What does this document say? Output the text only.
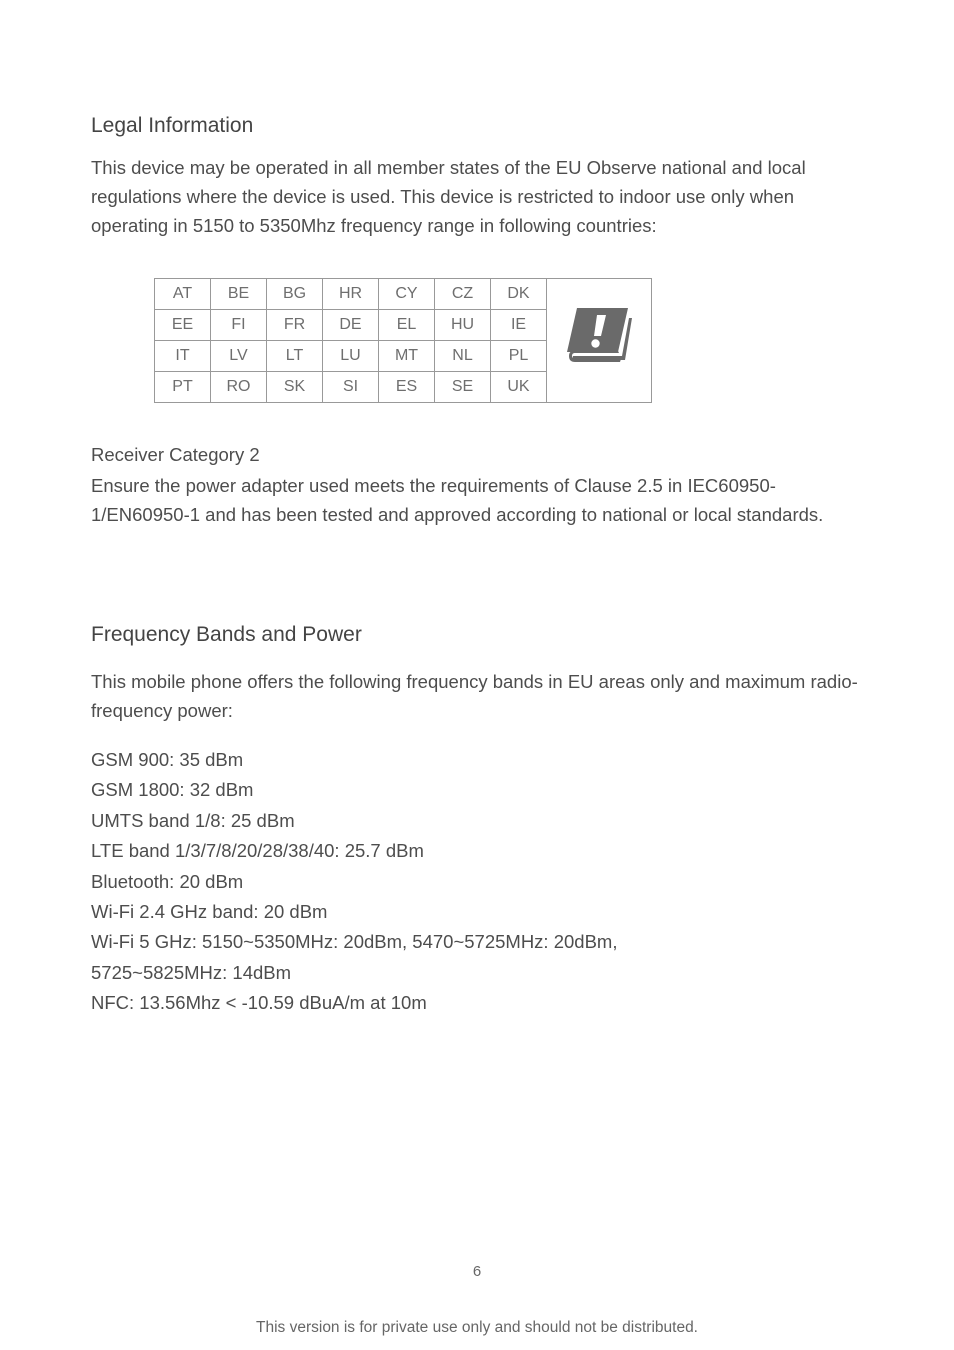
Legal Information

This device may be operated in all member states of the EU Observe national and local regulations where the device is used. This device is restricted to indoor use only when operating in 5150 to 5350Mhz frequency range in following countries:

AT	BE	BG	HR	CY	CZ	DK	
EE	FI	FR	DE	EL	HU	IE	
IT	LV	LT	LU	MT	NL	PL	
PT	RO	SK	SI	ES	SE	UK	

Receiver Category 2

Ensure the power adapter used meets the requirements of Clause 2.5 in IEC60950-1/EN60950-1 and has been tested and approved according to national or local standards.

Frequency Bands and Power

This mobile phone offers the following frequency bands in EU areas only and maximum radio-frequency power:

GSM 900: 35 dBm
GSM 1800: 32 dBm
UMTS band 1/8: 25 dBm
LTE band 1/3/7/8/20/28/38/40: 25.7 dBm
Bluetooth: 20 dBm
Wi-Fi 2.4 GHz band: 20 dBm
Wi-Fi 5 GHz: 5150~5350MHz: 20dBm, 5470~5725MHz: 20dBm,
5725~5825MHz: 14dBm
NFC: 13.56Mhz < -10.59 dBuA/m at 10m
6
This version is for private use only and should not be distributed.
